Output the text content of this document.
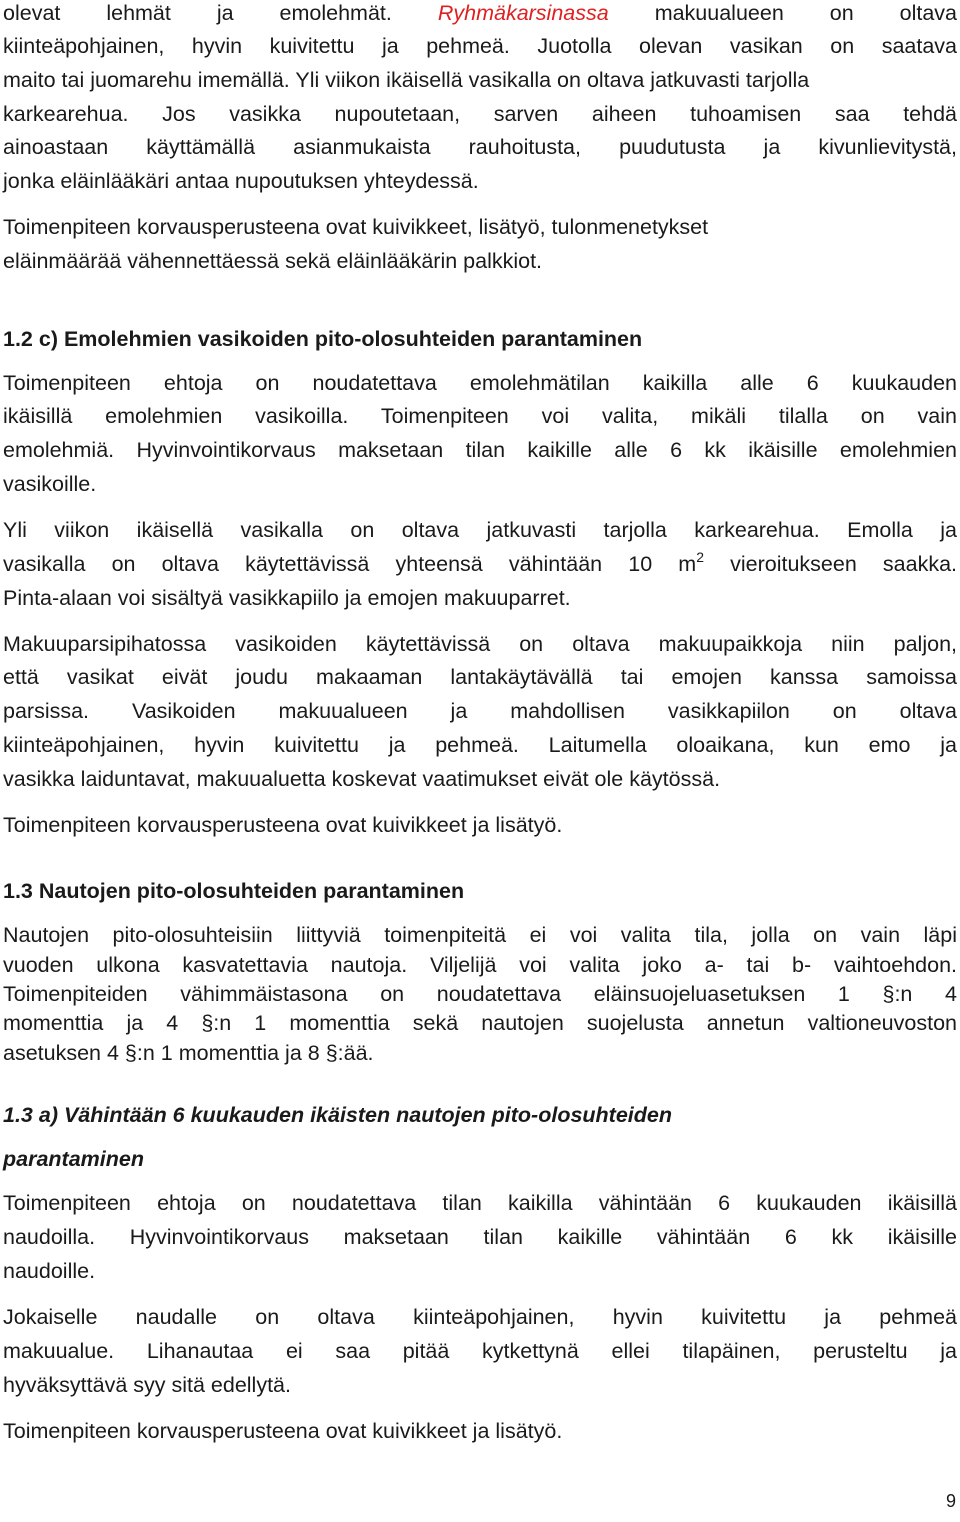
olevat lehmät ja emolehmät. Ryhmäkarsinassa makuualueen on oltava
kiinteäpohjainen, hyvin kuivitettu ja pehmeä. Juotolla olevan vasikan on saatava
maito tai juomarehu imemällä. Yli viikon ikäisellä vasikalla on oltava jatkuvasti tarjolla
karkearehua. Jos vasikka nupoutetaan, sarven aiheen tuhoamisen saa tehdä
ainoastaan käyttämällä asianmukaista rauhoitusta, puudutusta ja kivunlievitystä,
jonka eläinlääkäri antaa nupoutuksen yhteydessä.
Toimenpiteen korvausperusteena ovat kuivikkeet, lisätyö, tulonmenetykset
eläinmäärää vähennettäessä sekä eläinlääkärin palkkiot.
1.2 c) Emolehmien vasikoiden pito-olosuhteiden parantaminen
Toimenpiteen ehtoja on noudatettava emolehmätilan kaikilla alle 6 kuukauden
ikäisillä emolehmien vasikoilla. Toimenpiteen voi valita, mikäli tilalla on vain
emolehmiä. Hyvinvointikorvaus maksetaan tilan kaikille alle 6 kk ikäisille emolehmien
vasikoille.
Yli viikon ikäisellä vasikalla on oltava jatkuvasti tarjolla karkearehua. Emolla ja
vasikalla on oltava käytettävissä yhteensä vähintään 10 $m^2$ vieroitukseen saakka.
Pinta-alaan voi sisältyä vasikkapiilo ja emojen makuuparret.
Makuuparsipihatossa vasikoiden käytettävissä on oltava makuupaikkoja niin paljon,
että vasikat eivät joudu makaaman lantakäytävällä tai emojen kanssa samoissa
parsissa. Vasikoiden makuualueen ja mahdollisen vasikkapiilon on oltava
kiinteäpohjainen, hyvin kuivitettu ja pehmeä. Laitumella oloaikana, kun emo ja
vasikka laiduntavat, makuualuetta koskevat vaatimukset eivät ole käytössä.
Toimenpiteen korvausperusteena ovat kuivikkeet ja lisätyö.
1.3 Nautojen pito-olosuhteiden parantaminen
Nautojen pito-olosuhteisiin liittyviä toimenpiteitä ei voi valita tila, jolla on vain läpi
vuoden ulkona kasvatettavia nautoja. Viljelijä voi valita joko a- tai b- vaihtoehdon.
Toimenpiteiden vähimmäistasona on noudatettava eläinsuojeluasetuksen 1 §:n 4
momenttia ja 4 §:n 1 momenttia sekä nautojen suojelusta annetun valtioneuvoston
asetuksen 4 §:n 1 momenttia ja 8 §:ää.
1.3 a) Vähintään 6 kuukauden ikäisten nautojen pito-olosuhteiden
parantaminen
Toimenpiteen ehtoja on noudatettava tilan kaikilla vähintään 6 kuukauden ikäisillä
naudoilla. Hyvinvointikorvaus maksetaan tilan kaikille vähintään 6 kk ikäisille
naudoille.
Jokaiselle naudalle on oltava kiinteäpohjainen, hyvin kuivitettu ja pehmeä
makuualue. Lihanautaa ei saa pitää kytkettynä ellei tilapäinen, perusteltu ja
hyväksyttävä syy sitä edellytä.
Toimenpiteen korvausperusteena ovat kuivikkeet ja lisätyö.
9
